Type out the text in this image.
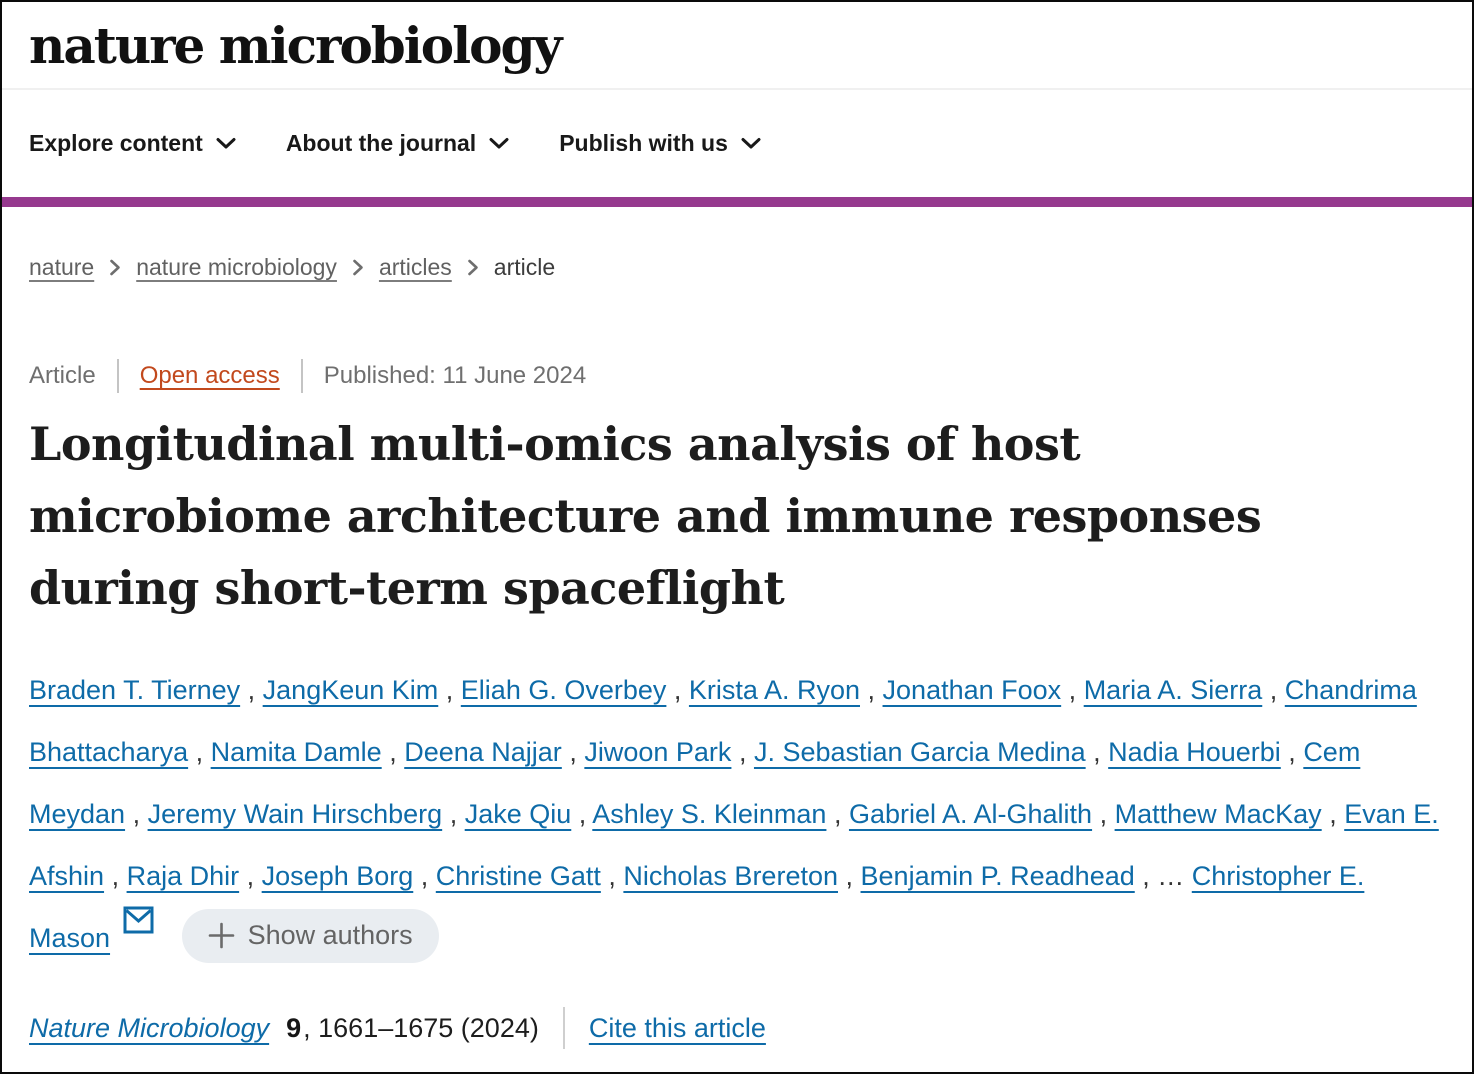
nature microbiology
Explore content	About the journal	Publish with us
nature nature microbiology articles article
Article Open access Published: 11 June 2024
Longitudinal multi-omics analysis of host
microbiome architecture and immune responses
during short-term spaceflight

Braden T. Tierney , JangKeun Kim , Eliah G. Overbey , Krista A. Ryon , Jonathan Foox , Maria A. Sierra , Chandrima Bhattacharya , Namita Damle , Deena Najjar , Jiwoon Park , J. Sebastian Garcia Medina , Nadia Houerbi , Cem Meydan , Jeremy Wain Hirschberg , Jake Qiu , Ashley S. Kleinman , Gabriel A. Al-Ghalith , Matthew MacKay , Evan E. Afshin , Raja Dhir , Joseph Borg , Christine Gatt , Nicholas Brereton , Benjamin P. Readhead , … Christopher E. Mason	Show authors

Nature Microbiology 9 , 1661–1675 (2024) Cite this article
